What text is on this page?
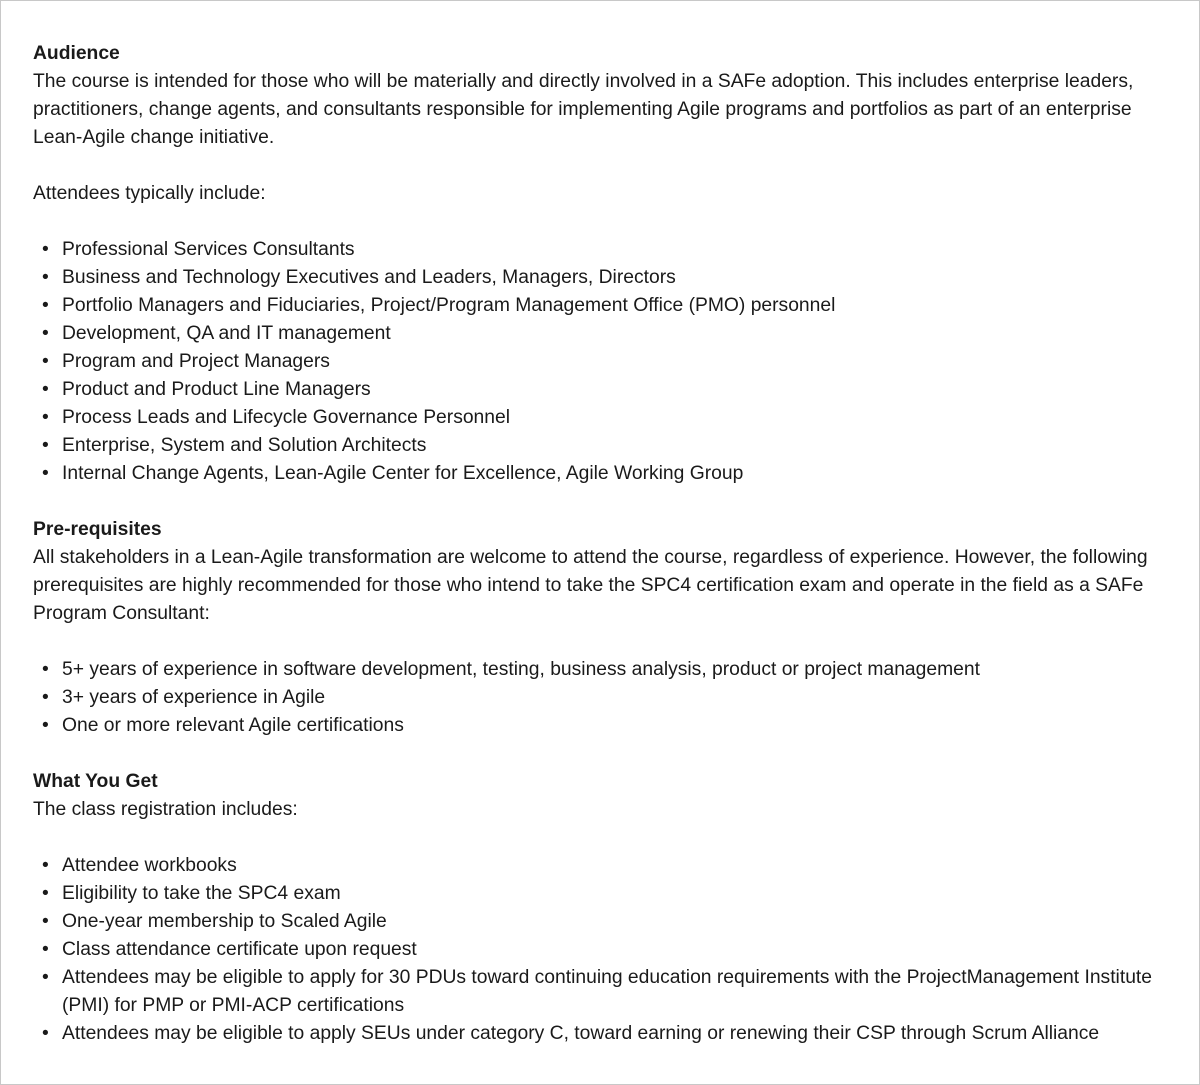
Audience
The course is intended for those who will be materially and directly involved in a SAFe adoption. This includes enterprise leaders, practitioners, change agents, and consultants responsible for implementing Agile programs and portfolios as part of an enterprise Lean-Agile change initiative.
Attendees typically include:
• Professional Services Consultants
• Business and Technology Executives and Leaders, Managers, Directors
• Portfolio Managers and Fiduciaries, Project/Program Management Office (PMO) personnel
• Development, QA and IT management
• Program and Project Managers
• Product and Product Line Managers
• Process Leads and Lifecycle Governance Personnel
• Enterprise, System and Solution Architects
• Internal Change Agents, Lean-Agile Center for Excellence, Agile Working Group
Pre-requisites
All stakeholders in a Lean-Agile transformation are welcome to attend the course, regardless of experience. However, the following prerequisites are highly recommended for those who intend to take the SPC4 certification exam and operate in the field as a SAFe Program Consultant:
• 5+ years of experience in software development, testing, business analysis, product or project management
• 3+ years of experience in Agile
• One or more relevant Agile certifications
What You Get
The class registration includes:
• Attendee workbooks
• Eligibility to take the SPC4 exam
• One-year membership to Scaled Agile
• Class attendance certificate upon request
• Attendees may be eligible to apply for 30 PDUs toward continuing education requirements with the ProjectManagement Institute (PMI) for PMP or PMI-ACP certifications
• Attendees may be eligible to apply SEUs under category C, toward earning or renewing their CSP through Scrum Alliance
